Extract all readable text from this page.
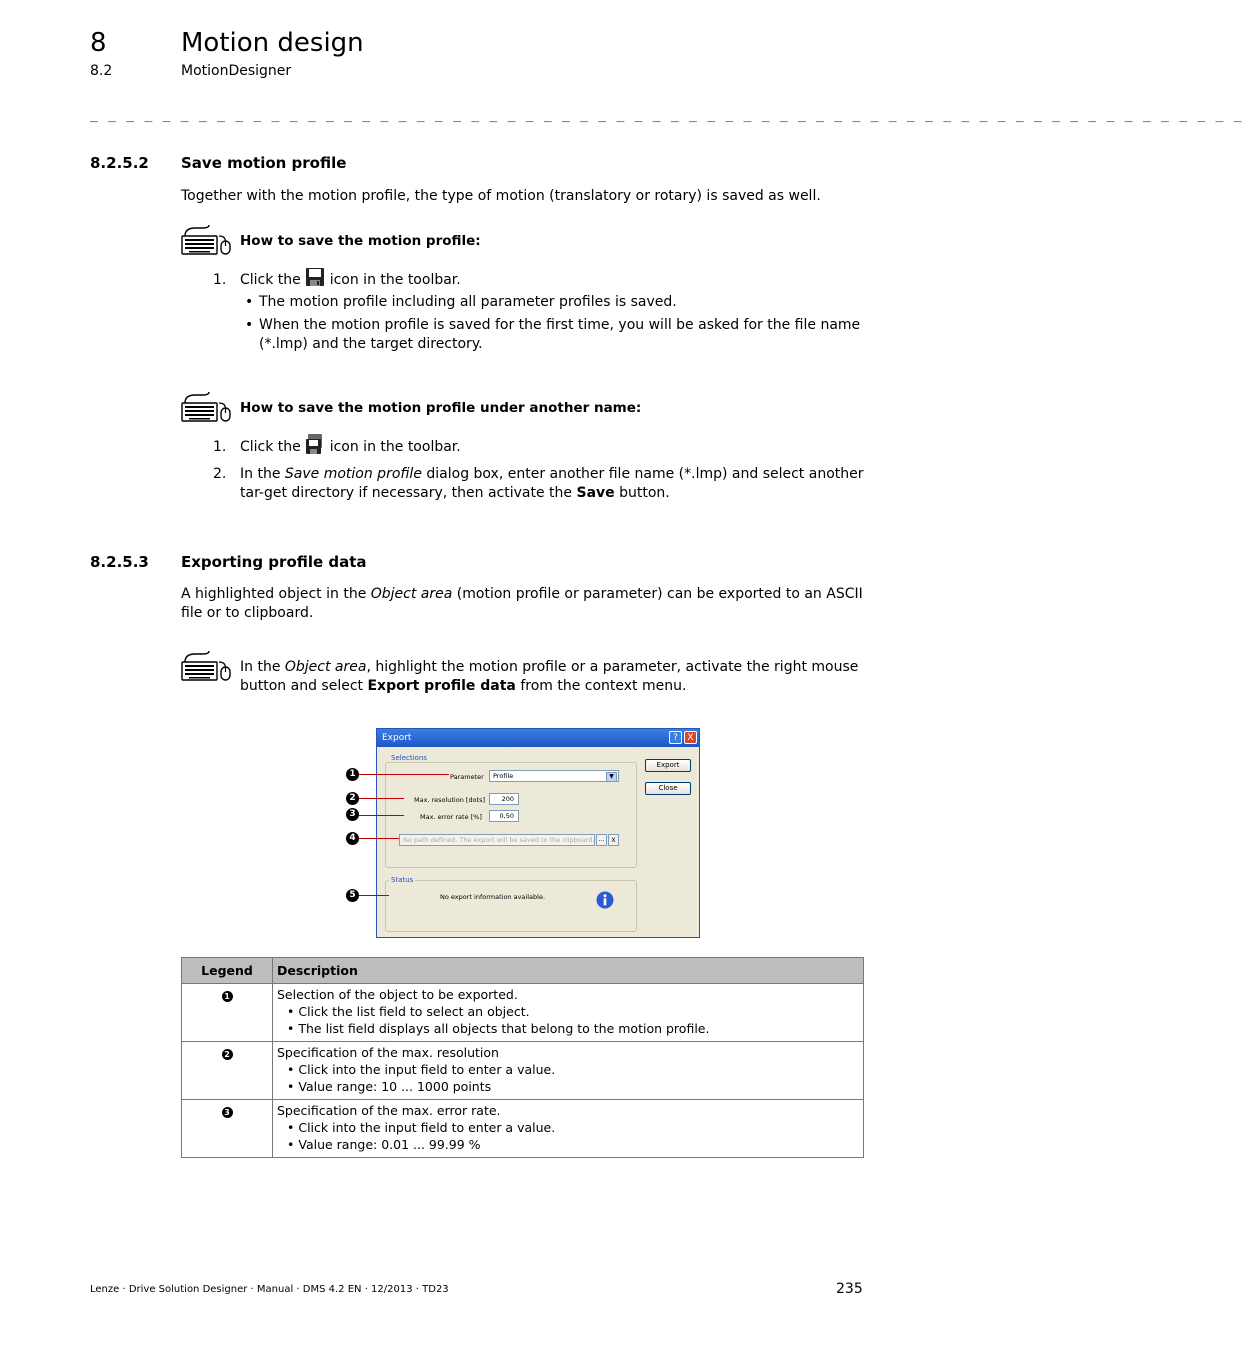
8	Motion design
8.2	MotionDesigner
_ _ _ _ _ _ _ _ _ _ _ _ _ _ _ _ _ _ _ _ _ _ _ _ _ _ _ _ _ _ _ _ _ _ _ _ _ _ _ _ _ _ _ _ _ _ _ _ _ _ _ _ _ _ _ _ _ _ _ _ _ _ _ _
8.2.5.2 Save motion profile
Together with the motion profile, the type of motion (translatory or rotary) is saved as well.
How to save the motion profile:
1. Click the icon in the toolbar.
• The motion profile including all parameter profiles is saved.
• When the motion profile is saved for the first time, you will be asked for the file name (*.lmp) and the target directory.
How to save the motion profile under another name:
1. Click the icon in the toolbar.
2. In the Save motion profile dialog box, enter another file name (*.lmp) and select another tar-get directory if necessary, then activate the Save button.
8.2.5.3 Exporting profile data
A highlighted object in the Object area (motion profile or parameter) can be exported to an ASCII file or to clipboard.
In the Object area, highlight the motion profile or a parameter, activate the right mouse button and select Export profile data from the context menu.
Export	?	X
Selections
Parameter Profile	▼
Max. resolution [dots]	200
Max. error rate [%]	0,50
No path defined. The export will be saved to the clipboard. ...	X
Export
Close
Status
No export information available.
1
2
3
4
5
Legend	Description
1	Selection of the object to be exported.
• Click the list field to select an object.
• The list field displays all objects that belong to the motion profile.

2	Specification of the max. resolution
• Click into the input field to enter a value.
• Value range: 10 ... 1000 points

3	Specification of the max. error rate.
• Click into the input field to enter a value.
• Value range: 0.01 ... 99.99 %
Lenze · Drive Solution Designer · Manual · DMS 4.2 EN · 12/2013 · TD23	235
